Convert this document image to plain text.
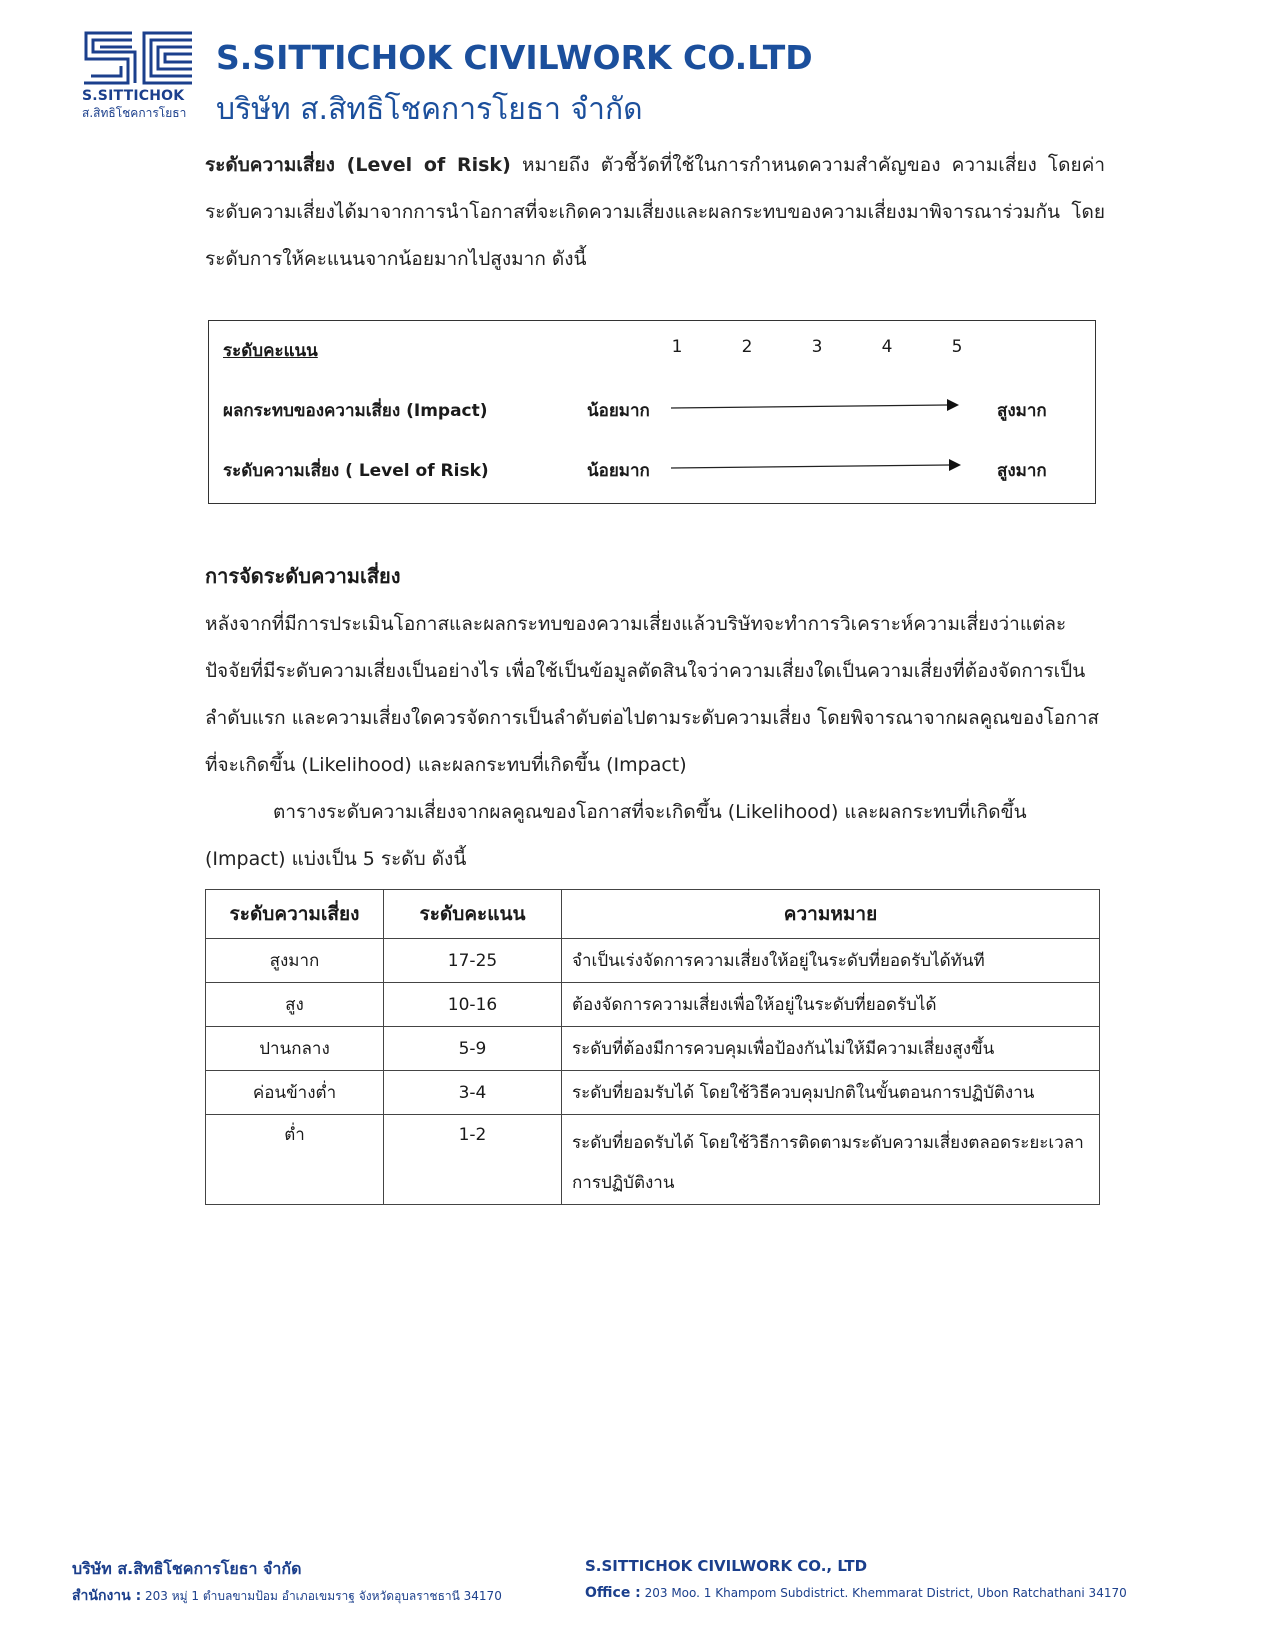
S.SITTICHOK
ส.สิทธิโชคการโยธา
S.SITTICHOK CIVILWORK CO.LTD
บริษัท ส.สิทธิโชคการโยธา จำกัด
ระดับความเสี่ยง (Level of Risk) หมายถึง ตัวชี้วัดที่ใช้ในการกำหนดความสำคัญของ ความเสี่ยง โดยค่าระดับความเสี่ยงได้มาจากการนำโอกาสที่จะเกิดความเสี่ยงและผลกระทบของความเสี่ยงมาพิจารณาร่วมกัน โดยระดับการให้คะแนนจากน้อยมากไปสูงมาก ดังนี้
ระดับคะแนน	1	2	3	4	5
ผลกระทบของความเสี่ยง (Impact)	น้อยมาก	สูงมาก
ระดับความเสี่ยง ( Level of Risk)	น้อยมาก	สูงมาก
การจัดระดับความเสี่ยง
หลังจากที่มีการประเมินโอกาสและผลกระทบของความเสี่ยงแล้วบริษัทจะทำการวิเคราะห์ความเสี่ยงว่าแต่ละปัจจัยที่มีระดับความเสี่ยงเป็นอย่างไร เพื่อใช้เป็นข้อมูลตัดสินใจว่าความเสี่ยงใดเป็นความเสี่ยงที่ต้องจัดการเป็นลำดับแรก และความเสี่ยงใดควรจัดการเป็นลำดับต่อไปตามระดับความเสี่ยง โดยพิจารณาจากผลคูณของโอกาสที่จะเกิดขึ้น (Likelihood) และผลกระทบที่เกิดขึ้น (Impact)
ตารางระดับความเสี่ยงจากผลคูณของโอกาสที่จะเกิดขึ้น (Likelihood) และผลกระทบที่เกิดขึ้น (Impact) แบ่งเป็น 5 ระดับ ดังนี้
ระดับความเสี่ยง	ระดับคะแนน	ความหมาย
สูงมาก	17-25	จำเป็นเร่งจัดการความเสี่ยงให้อยู่ในระดับที่ยอดรับได้ทันที
สูง	10-16	ต้องจัดการความเสี่ยงเพื่อให้อยู่ในระดับที่ยอดรับได้
ปานกลาง	5-9	ระดับที่ต้องมีการควบคุมเพื่อป้องกันไม่ให้มีความเสี่ยงสูงขึ้น
ค่อนข้างต่ำ	3-4	ระดับที่ยอมรับได้ โดยใช้วิธีควบคุมปกติในขั้นตอนการปฏิบัติงาน
ต่ำ	1-2	ระดับที่ยอดรับได้ โดยใช้วิธีการติดตามระดับความเสี่ยงตลอดระยะเวลาการปฏิบัติงาน
บริษัท ส.สิทธิโชคการโยธา จำกัด
สำนักงาน : 203 หมู่ 1 ตำบลขามป้อม อำเภอเขมราฐ จังหวัดอุบลราชธานี 34170
S.SITTICHOK CIVILWORK CO., LTD
Office : 203 Moo. 1 Khampom Subdistrict. Khemmarat District, Ubon Ratchathani 34170
